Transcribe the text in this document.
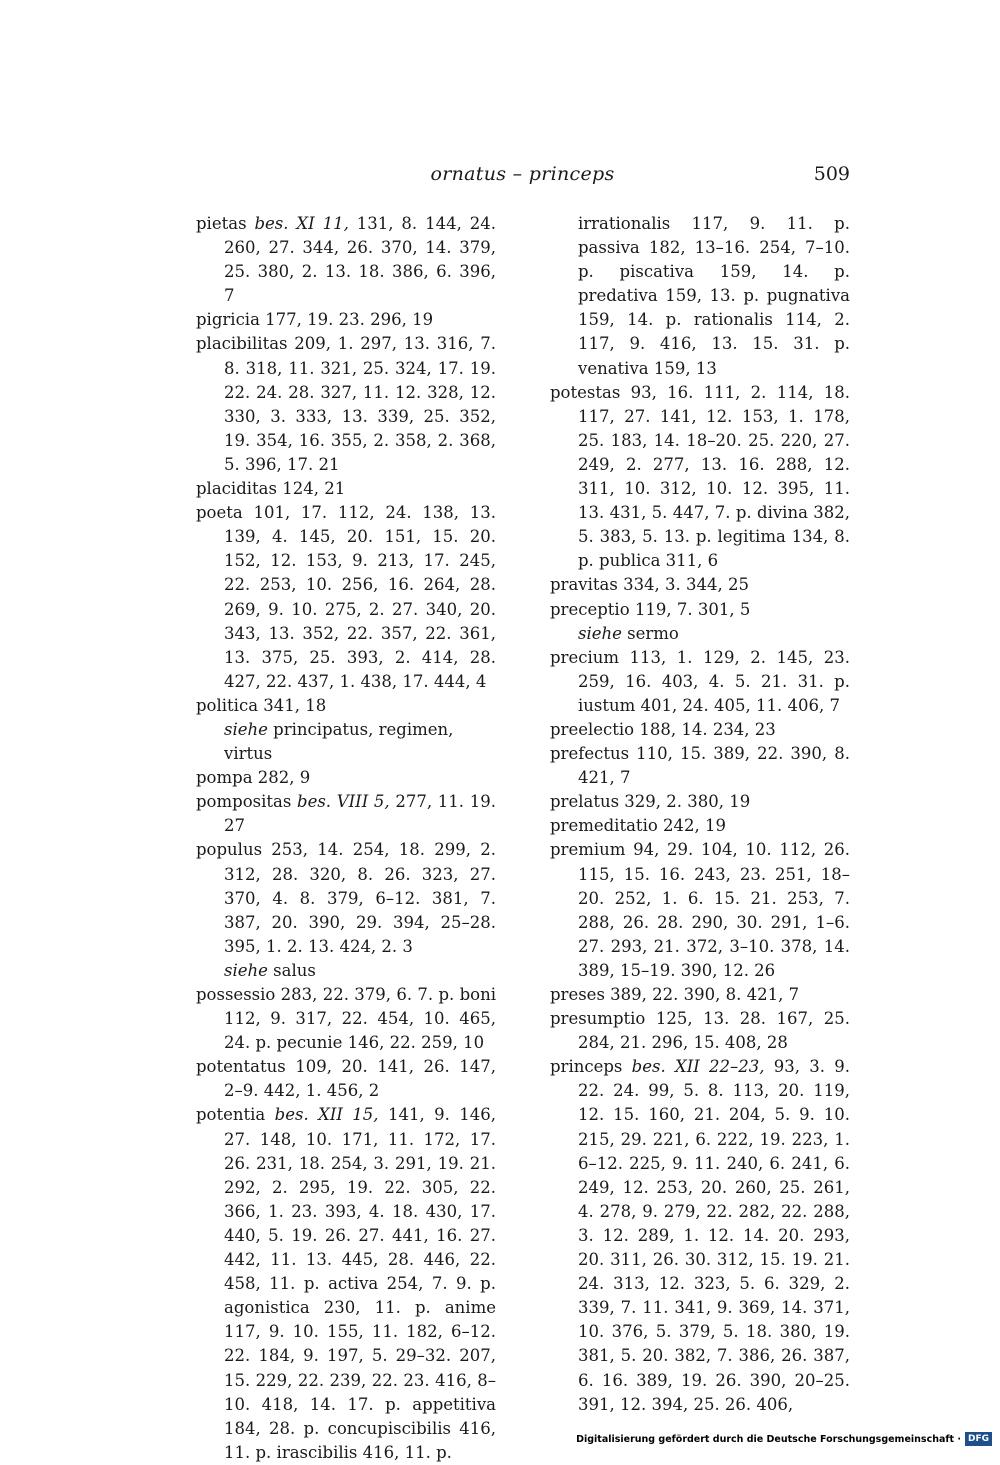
ornatus – princeps	509
pietas bes. XI 11, 131, 8. 144, 24. 260, 27. 344, 26. 370, 14. 379, 25. 380, 2. 13. 18. 386, 6. 396, 7
pigricia 177, 19. 23. 296, 19
placibilitas 209, 1. 297, 13. 316, 7. 8. 318, 11. 321, 25. 324, 17. 19. 22. 24. 28. 327, 11. 12. 328, 12. 330, 3. 333, 13. 339, 25. 352, 19. 354, 16. 355, 2. 358, 2. 368, 5. 396, 17. 21
placiditas 124, 21
poeta 101, 17. 112, 24. 138, 13. 139, 4. 145, 20. 151, 15. 20. 152, 12. 153, 9. 213, 17. 245, 22. 253, 10. 256, 16. 264, 28. 269, 9. 10. 275, 2. 27. 340, 20. 343, 13. 352, 22. 357, 22. 361, 13. 375, 25. 393, 2. 414, 28. 427, 22. 437, 1. 438, 17. 444, 4
politica 341, 18
siehe principatus, regimen, virtus
pompa 282, 9
pompositas bes. VIII 5, 277, 11. 19. 27
populus 253, 14. 254, 18. 299, 2. 312, 28. 320, 8. 26. 323, 27. 370, 4. 8. 379, 6–12. 381, 7. 387, 20. 390, 29. 394, 25–28. 395, 1. 2. 13. 424, 2. 3
siehe salus
possessio 283, 22. 379, 6. 7. p. boni 112, 9. 317, 22. 454, 10. 465, 24. p. pecunie 146, 22. 259, 10
potentatus 109, 20. 141, 26. 147, 2–9. 442, 1. 456, 2
potentia bes. XII 15, 141, 9. 146, 27. 148, 10. 171, 11. 172, 17. 26. 231, 18. 254, 3. 291, 19. 21. 292, 2. 295, 19. 22. 305, 22. 366, 1. 23. 393, 4. 18. 430, 17. 440, 5. 19. 26. 27. 441, 16. 27. 442, 11. 13. 445, 28. 446, 22. 458, 11. p. activa 254, 7. 9. p. agonistica 230, 11. p. anime 117, 9. 10. 155, 11. 182, 6–12. 22. 184, 9. 197, 5. 29–32. 207, 15. 229, 22. 239, 22. 23. 416, 8–10. 418, 14. 17. p. appetitiva 184, 28. p. concupiscibilis 416, 11. p. irascibilis 416, 11. p.
irrationalis 117, 9. 11. p. passiva 182, 13–16. 254, 7–10. p. piscativa 159, 14. p. predativa 159, 13. p. pugnativa 159, 14. p. rationalis 114, 2. 117, 9. 416, 13. 15. 31. p. venativa 159, 13
potestas 93, 16. 111, 2. 114, 18. 117, 27. 141, 12. 153, 1. 178, 25. 183, 14. 18–20. 25. 220, 27. 249, 2. 277, 13. 16. 288, 12. 311, 10. 312, 10. 12. 395, 11. 13. 431, 5. 447, 7. p. divina 382, 5. 383, 5. 13. p. legitima 134, 8. p. publica 311, 6
pravitas 334, 3. 344, 25
preceptio 119, 7. 301, 5
siehe sermo
precium 113, 1. 129, 2. 145, 23. 259, 16. 403, 4. 5. 21. 31. p. iustum 401, 24. 405, 11. 406, 7
preelectio 188, 14. 234, 23
prefectus 110, 15. 389, 22. 390, 8. 421, 7
prelatus 329, 2. 380, 19
premeditatio 242, 19
premium 94, 29. 104, 10. 112, 26. 115, 15. 16. 243, 23. 251, 18–20. 252, 1. 6. 15. 21. 253, 7. 288, 26. 28. 290, 30. 291, 1–6. 27. 293, 21. 372, 3–10. 378, 14. 389, 15–19. 390, 12. 26
preses 389, 22. 390, 8. 421, 7
presumptio 125, 13. 28. 167, 25. 284, 21. 296, 15. 408, 28
princeps bes. XII 22–23, 93, 3. 9. 22. 24. 99, 5. 8. 113, 20. 119, 12. 15. 160, 21. 204, 5. 9. 10. 215, 29. 221, 6. 222, 19. 223, 1. 6–12. 225, 9. 11. 240, 6. 241, 6. 249, 12. 253, 20. 260, 25. 261, 4. 278, 9. 279, 22. 282, 22. 288, 3. 12. 289, 1. 12. 14. 20. 293, 20. 311, 26. 30. 312, 15. 19. 21. 24. 313, 12. 323, 5. 6. 329, 2. 339, 7. 11. 341, 9. 369, 14. 371, 10. 376, 5. 379, 5. 18. 380, 19. 381, 5. 20. 382, 7. 386, 26. 387, 6. 16. 389, 19. 26. 390, 20–25. 391, 12. 394, 25. 26. 406,
Digitalisierung gefördert durch die Deutsche Forschungsgemeinschaft · DFG
